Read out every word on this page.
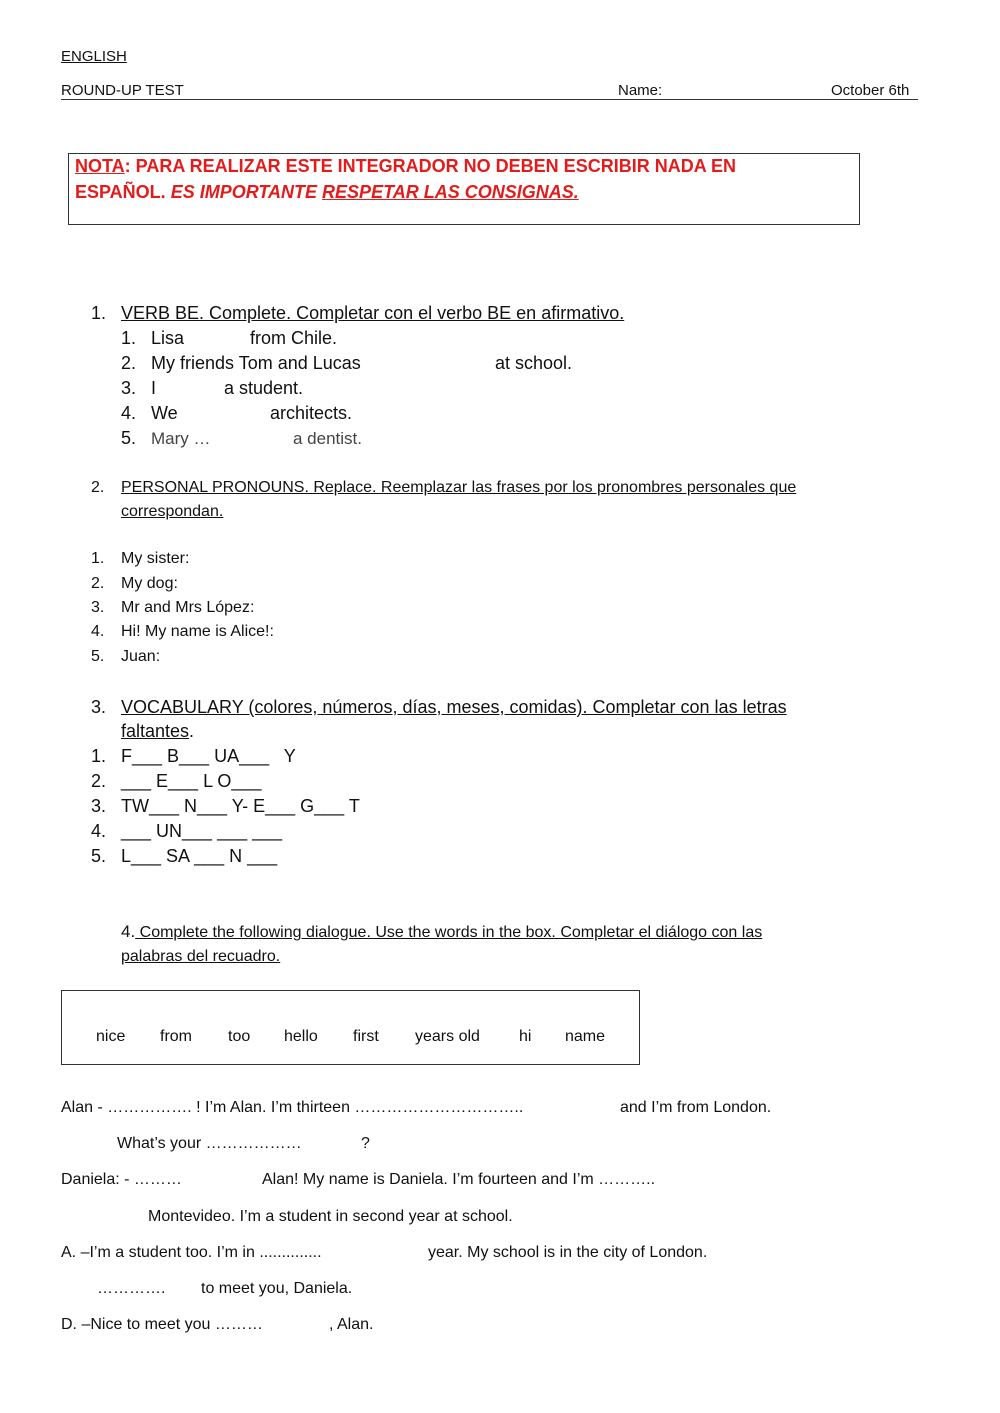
ENGLISH
ROUND-UP TEST	Name:	October 6th
NOTA: PARA REALIZAR ESTE INTEGRADOR NO DEBEN ESCRIBIR NADA EN
ESPAÑOL. ES IMPORTANTE RESPETAR LAS CONSIGNAS.
1. VERB BE. Complete. Completar con el verbo BE en afirmativo.
1. Lisa	from Chile.
2. My friends Tom and Lucas	at school.
3. I	a student.
4. We	architects.
5. Mary …	a dentist.
2. PERSONAL PRONOUNS. Replace. Reemplazar las frases por los pronombres personales que
correspondan.
1. My sister:
2. My dog:
3. Mr and Mrs López:
4. Hi! My name is Alice!:
5. Juan:
3. VOCABULARY (colores, números, días, meses, comidas). Completar con las letras
faltantes.
1. F___ B___ UA___   Y
2. ___ E___ L O___
3. TW___ N___ Y- E___ G___ T
4. ___ UN___ ___ ___
5. L___ SA ___ N ___
4. Complete the following dialogue. Use the words in the box. Completar el diálogo con las
palabras del recuadro.
nice from too hello first years old hi name
Alan - ……………. ! I’m Alan. I’m thirteen …………………………..	and I’m from London.
What’s your ………………	?
Daniela: - ………	Alan! My name is Daniela. I’m fourteen and I’m ………..
Montevideo. I’m a student in second year at school.
A. –I’m a student too. I’m in ..............	year. My school is in the city of London.
…………. to meet you, Daniela.
D. –Nice to meet you ………	, Alan.
